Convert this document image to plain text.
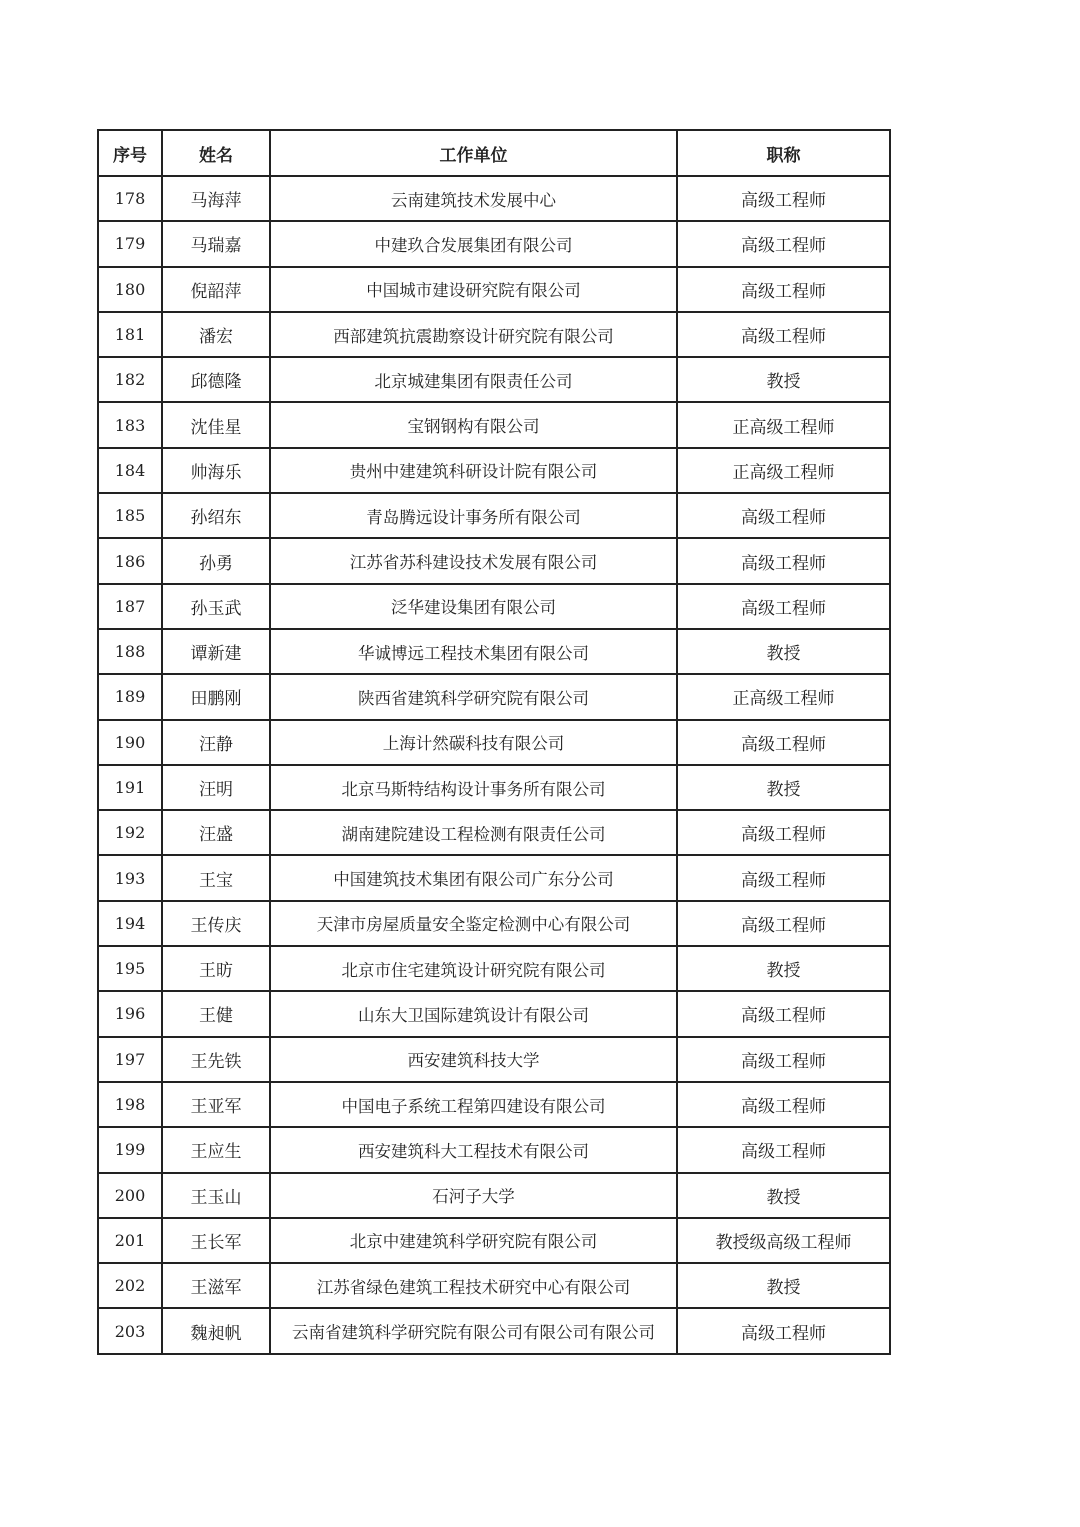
序号	姓名	工作单位	职称
178	马海萍	云南建筑技术发展中心	高级工程师
179	马瑞嘉	中建玖合发展集团有限公司	高级工程师
180	倪韶萍	中国城市建设研究院有限公司	高级工程师
181	潘宏	西部建筑抗震勘察设计研究院有限公司	高级工程师
182	邱德隆	北京城建集团有限责任公司	教授
183	沈佳星	宝钢钢构有限公司	正高级工程师
184	帅海乐	贵州中建建筑科研设计院有限公司	正高级工程师
185	孙绍东	青岛腾远设计事务所有限公司	高级工程师
186	孙勇	江苏省苏科建设技术发展有限公司	高级工程师
187	孙玉武	泛华建设集团有限公司	高级工程师
188	谭新建	华诚博远工程技术集团有限公司	教授
189	田鹏刚	陕西省建筑科学研究院有限公司	正高级工程师
190	汪静	上海计然碳科技有限公司	高级工程师
191	汪明	北京马斯特结构设计事务所有限公司	教授
192	汪盛	湖南建院建设工程检测有限责任公司	高级工程师
193	王宝	中国建筑技术集团有限公司广东分公司	高级工程师
194	王传庆	天津市房屋质量安全鉴定检测中心有限公司	高级工程师
195	王昉	北京市住宅建筑设计研究院有限公司	教授
196	王健	山东大卫国际建筑设计有限公司	高级工程师
197	王先铁	西安建筑科技大学	高级工程师
198	王亚军	中国电子系统工程第四建设有限公司	高级工程师
199	王应生	西安建筑科大工程技术有限公司	高级工程师
200	王玉山	石河子大学	教授
201	王长军	北京中建建筑科学研究院有限公司	教授级高级工程师
202	王滋军	江苏省绿色建筑工程技术研究中心有限公司	教授
203	魏昶帆	云南省建筑科学研究院有限公司有限公司有限公司	高级工程师
